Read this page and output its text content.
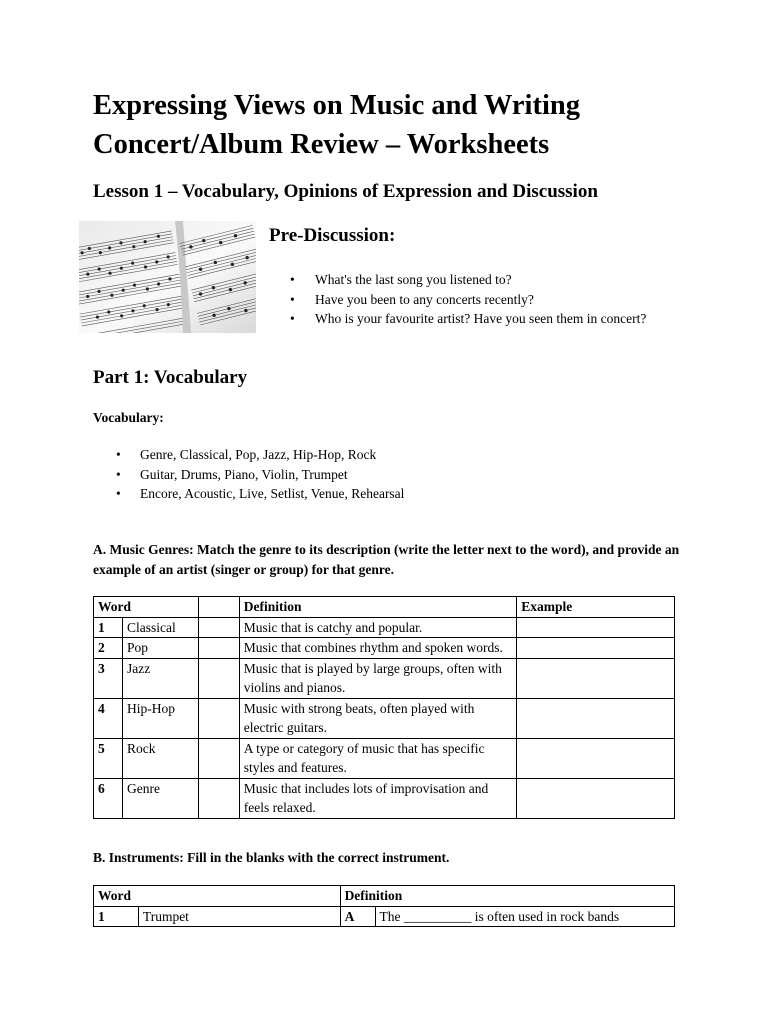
Expressing Views on Music and Writing
Concert/Album Review – Worksheets
Lesson 1 – Vocabulary, Opinions of Expression and Discussion
Pre-Discussion:
• What's the last song you listened to?
• Have you been to any concerts recently?
• Who is your favourite artist? Have you seen them in concert?
Part 1: Vocabulary
Vocabulary:
• Genre, Classical, Pop, Jazz, Hip-Hop, Rock
• Guitar, Drums, Piano, Violin, Trumpet
• Encore, Acoustic, Live, Setlist, Venue, Rehearsal
A. Music Genres: Match the genre to its description (write the letter next to the word), and provide an example of an artist (singer or group) for that genre.
Word			Definition	Example
1	Classical		Music that is catchy and popular.	
2	Pop		Music that combines rhythm and spoken words.	
3	Jazz		Music that is played by large groups, often with violins and pianos.	
4	Hip-Hop		Music with strong beats, often played with electric guitars.	
5	Rock		A type or category of music that has specific styles and features.	
6	Genre		Music that includes lots of improvisation and feels relaxed.	
B. Instruments: Fill in the blanks with the correct instrument.
Word		Definition	
1	Trumpet	A	The __________ is often used in rock bands
